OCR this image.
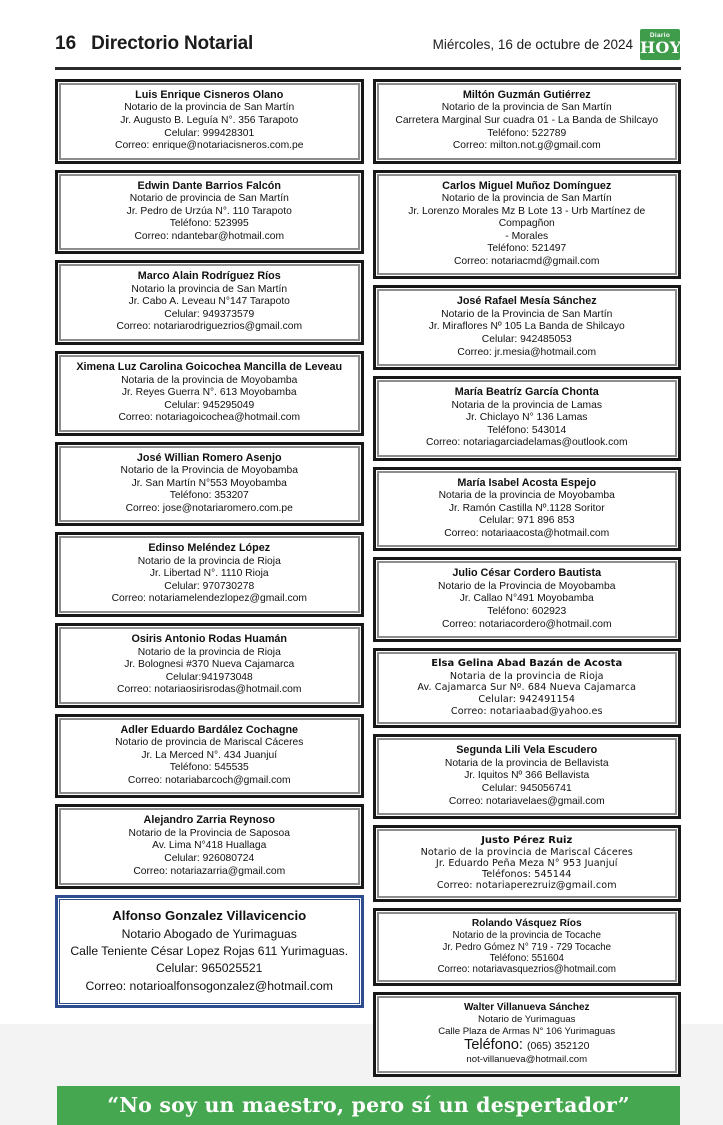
16 Directorio Notarial	Miércoles, 16 de octubre de 2024
Diario
HOY
Luis Enrique Cisneros Olano
Notario de la provincia de San Martín
Jr. Augusto B. Leguía N°. 356 Tarapoto
Celular: 999428301
Correo: enrique@notariacisneros.com.pe
Edwin Dante Barrios Falcón
Notario de provincia de San Martín
Jr. Pedro de Urzúa N°. 110 Tarapoto
Teléfono: 523995
Correo: ndantebar@hotmail.com
Marco Alain Rodríguez Ríos
Notario la provincia de San Martín
Jr. Cabo A. Leveau N°147 Tarapoto
Celular: 949373579
Correo: notariarodriguezrios@gmail.com
Ximena Luz Carolina Goicochea Mancilla de Leveau
Notaria de la provincia de Moyobamba
Jr. Reyes Guerra N°. 613 Moyobamba
Celular: 945295049
Correo: notariagoicochea@hotmail.com
José Willian Romero Asenjo
Notario de la Provincia de Moyobamba
Jr. San Martín N°553 Moyobamba
Teléfono: 353207
Correo: jose@notariaromero.com.pe
Edinso Meléndez López
Notario de la provincia de Rioja
Jr. Libertad N°. 1110 Rioja
Celular: 970730278
Correo: notariamelendezlopez@gmail.com
Osiris Antonio Rodas Huamán
Notario de la provincia de Rioja
Jr. Bolognesi #370 Nueva Cajamarca
Celular:941973048
Correo: notariaosirisrodas@hotmail.com
Adler Eduardo Bardález Cochagne
Notario de provincia de Mariscal Cáceres
Jr. La Merced N°. 434 Juanjuí
Teléfono: 545535
Correo: notariabarcoch@gmail.com
Alejandro Zarria Reynoso
Notario de la Provincia de Saposoa
Av. Lima N°418 Huallaga
Celular: 926080724
Correo: notariazarria@gmail.com
Alfonso Gonzalez Villavicencio
Notario Abogado de Yurimaguas
Calle Teniente César Lopez Rojas 611 Yurimaguas.
Celular: 965025521
Correo: notarioalfonsogonzalez@hotmail.com
Miltón Guzmán Gutiérrez
Notario de la provincia de San Martín
Carretera Marginal Sur cuadra 01 - La Banda de Shilcayo
Teléfono: 522789
Correo: milton.not.g@gmail.com
Carlos Miguel Muñoz Domínguez
Notario de la provincia de San Martín
Jr. Lorenzo Morales Mz B Lote 13 - Urb Martínez de Compagñon
- Morales
Teléfono: 521497
Correo: notariacmd@gmail.com
José Rafael Mesía Sánchez
Notario de la Provincia de San Martín
Jr. Miraflores Nº 105 La Banda de Shilcayo
Celular: 942485053
Correo: jr.mesia@hotmail.com
María Beatríz García Chonta
Notaria de la provincia de Lamas
Jr. Chiclayo N° 136 Lamas
Teléfono: 543014
Correo: notariagarciadelamas@outlook.com
María Isabel Acosta Espejo
Notaria de la provincia de Moyobamba
Jr. Ramón Castilla Nº.1128 Soritor
Celular: 971 896 853
Correo: notariaacosta@hotmail.com
Julio César Cordero Bautista
Notario de la Provincia de Moyobamba
Jr. Callao N°491 Moyobamba
Teléfono: 602923
Correo: notariacordero@hotmail.com
Elsa Gelina Abad Bazán de Acosta
Notaria de la provincia de Rioja
Av. Cajamarca Sur Nº. 684 Nueva Cajamarca
Celular: 942491154
Correo: notariaabad@yahoo.es
Segunda Lili Vela Escudero
Notaria de la provincia de Bellavista
Jr. Iquitos Nº 366 Bellavista
Celular: 945056741
Correo: notariavelaes@gmail.com
Justo Pérez Ruiz
Notario de la provincia de Mariscal Cáceres
Jr. Eduardo Peña Meza N° 953 Juanjuí
Teléfonos: 545144
Correo: notariaperezruiz@gmail.com
Rolando Vásquez Ríos
Notario de la provincia de Tocache
Jr. Pedro Gómez N° 719 - 729 Tocache
Teléfono: 551604
Correo: notariavasquezrios@hotmail.com
Walter Villanueva Sánchez
Notario de Yurimaguas
Calle Plaza de Armas N° 106 Yurimaguas
Teléfono: (065) 352120
not-villanueva@hotmail.com
“No soy un maestro, pero sí un despertador”
